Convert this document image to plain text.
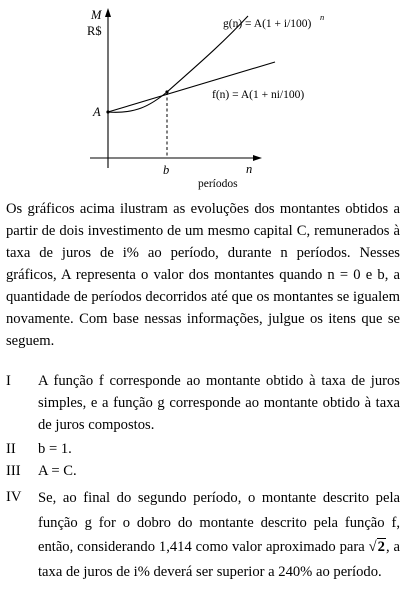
M
R$
A
b	n
períodos
g(n) = A(1 + i/100)
n
f(n) = A(1 + ni/100)
Os gráficos acima ilustram as evoluções dos montantes obtidos a partir de dois investimento de um mesmo capital C, remunerados à taxa de juros de i% ao período, durante n períodos. Nesses gráficos, A representa o valor dos montantes quando n = 0 e b, a quantidade de períodos decorridos até que os montantes se igualem novamente. Com base nessas informações, julgue os itens que se seguem.
I	A função f corresponde ao montante obtido à taxa de juros simples, e a função g corresponde ao montante obtido à taxa de juros compostos.
II	b = 1.
III	A = C.
IV	Se, ao final do segundo período, o montante descrito pela função g for o dobro do montante descrito pela função f, então, considerando 1,414 como valor aproximado para √2, a taxa de juros de i% deverá ser superior a 240% ao período.
